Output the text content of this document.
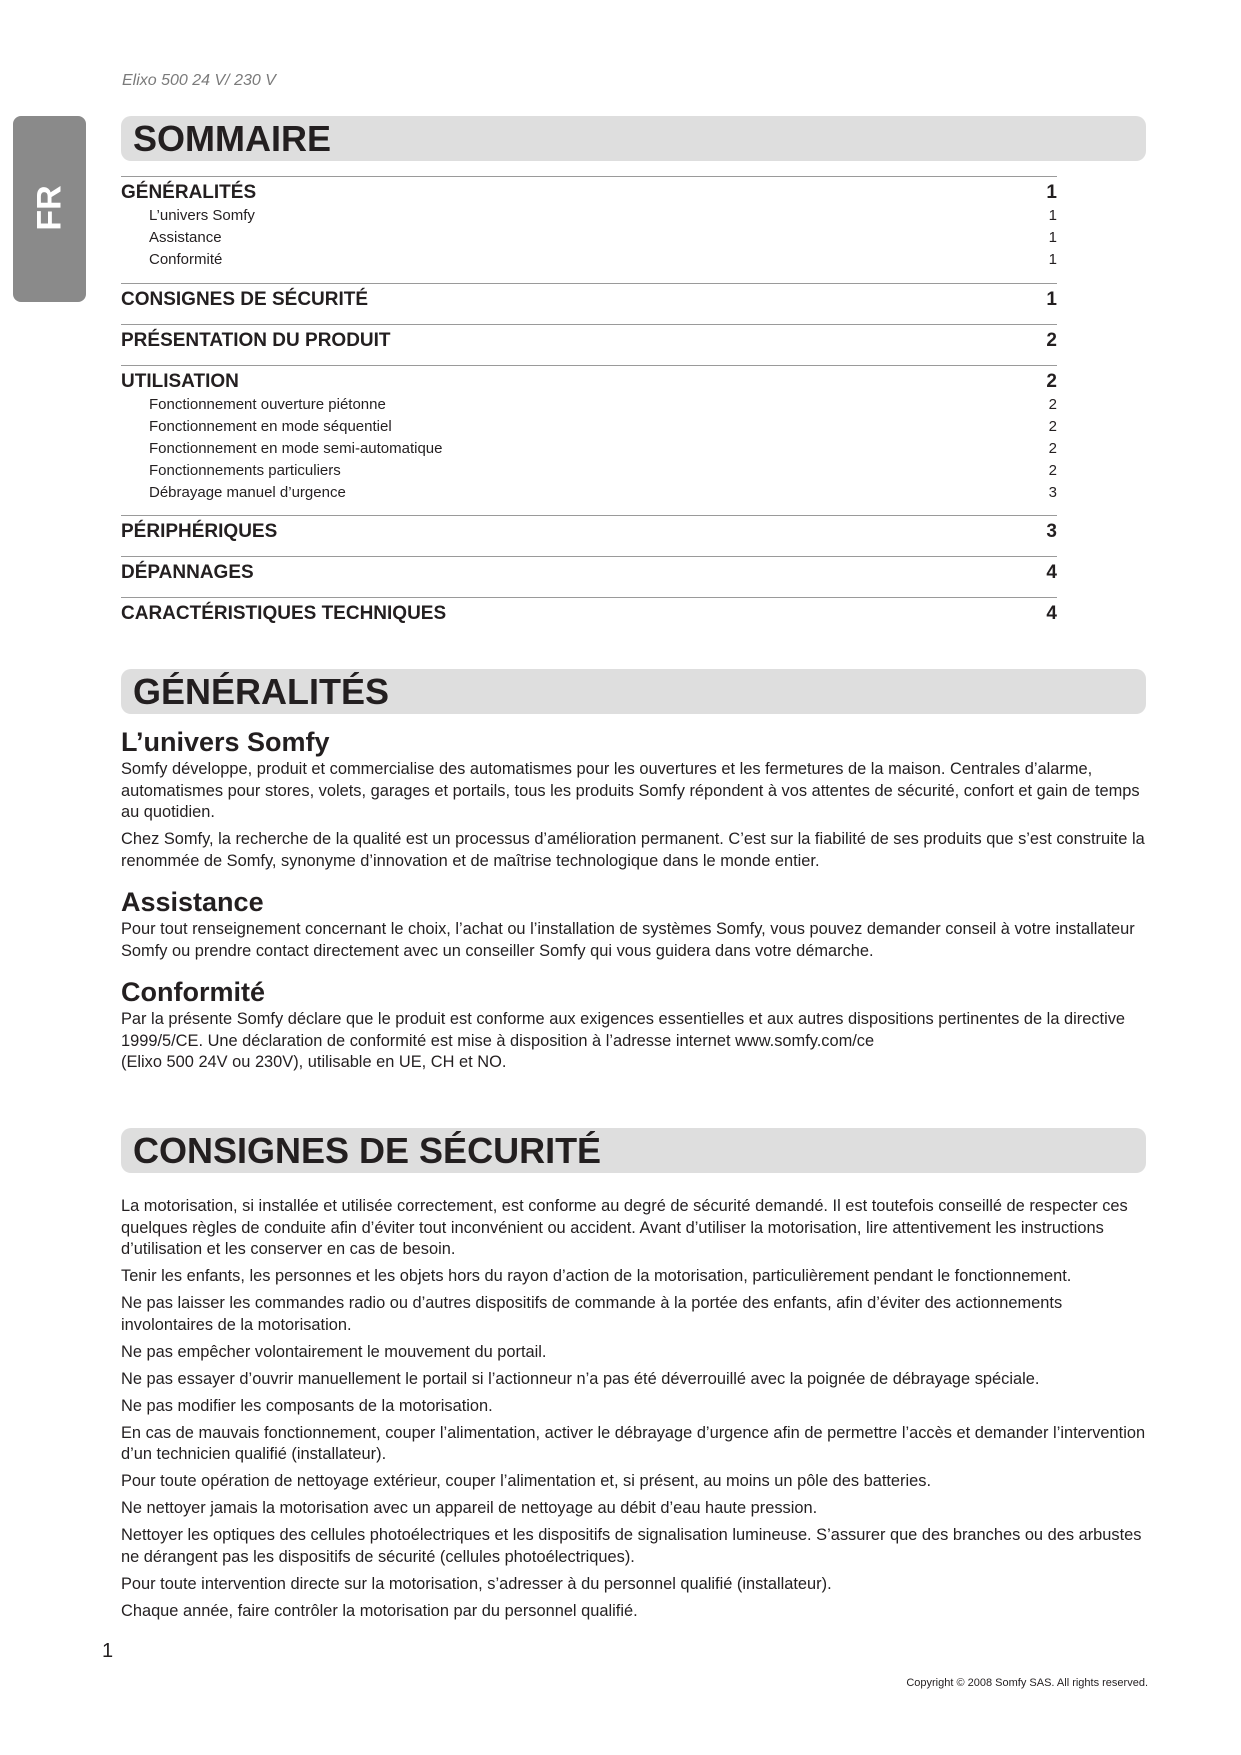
Elixo 500 24 V/ 230 V
FR
SOMMAIRE
GÉNÉRALITÉS	1
L’univers Somfy	1
Assistance	1
Conformité	1
CONSIGNES DE SÉCURITÉ	1
PRÉSENTATION DU PRODUIT	2
UTILISATION	2
Fonctionnement ouverture piétonne	2
Fonctionnement en mode séquentiel	2
Fonctionnement en mode semi-automatique	2
Fonctionnements particuliers	2
Débrayage manuel d’urgence	3
PÉRIPHÉRIQUES	3
DÉPANNAGES	4
CARACTÉRISTIQUES TECHNIQUES	4
GÉNÉRALITÉS
L’univers Somfy

Somfy développe, produit et commercialise des automatismes pour les ouvertures et les fermetures de la maison. Centrales d’alarme, automatismes pour stores, volets, garages et portails, tous les produits Somfy répondent à vos attentes de sécurité, confort et gain de temps au quotidien.

Chez Somfy, la recherche de la qualité est un processus d’amélioration permanent. C’est sur la fiabilité de ses produits que s’est construite la renommée de Somfy, synonyme d’innovation et de maîtrise technologique dans le monde entier.

Assistance

Pour tout renseignement concernant le choix, l’achat ou l’installation de systèmes Somfy, vous pouvez demander conseil à votre installateur Somfy ou prendre contact directement avec un conseiller Somfy qui vous guidera dans votre démarche.

Conformité

Par la présente Somfy déclare que le produit est conforme aux exigences essentielles et aux autres dispositions pertinentes de la directive 1999/5/CE. Une déclaration de conformité est mise à disposition à l’adresse internet www.somfy.com/ce

(Elixo 500 24V ou 230V), utilisable en UE, CH et NO.

CONSIGNES DE SÉCURITÉ

La motorisation, si installée et utilisée correctement, est conforme au degré de sécurité demandé. Il est toutefois conseillé de respecter ces quelques règles de conduite afin d’éviter tout inconvénient ou accident. Avant d’utiliser la motorisation, lire attentivement les instructions d’utilisation et les conserver en cas de besoin.

Tenir les enfants, les personnes et les objets hors du rayon d’action de la motorisation, particulièrement pendant le fonctionnement.

Ne pas laisser les commandes radio ou d’autres dispositifs de commande à la portée des enfants, afin d’éviter des actionnements involontaires de la motorisation.

Ne pas empêcher volontairement le mouvement du portail.

Ne pas essayer d’ouvrir manuellement le portail si l’actionneur n’a pas été déverrouillé avec la poignée de débrayage spéciale.

Ne pas modifier les composants de la motorisation.

En cas de mauvais fonctionnement, couper l’alimentation, activer le débrayage d’urgence afin de permettre l’accès et demander l’intervention d’un technicien qualifié (installateur).

Pour toute opération de nettoyage extérieur, couper l’alimentation et, si présent, au moins un pôle des batteries.

Ne nettoyer jamais la motorisation avec un appareil de nettoyage au débit d’eau haute pression.

Nettoyer les optiques des cellules photoélectriques et les dispositifs de signalisation lumineuse. S’assurer que des branches ou des arbustes ne dérangent pas les dispositifs de sécurité (cellules photoélectriques).

Pour toute intervention directe sur la motorisation, s’adresser à du personnel qualifié (installateur).

Chaque année, faire contrôler la motorisation par du personnel qualifié.

1
Copyright © 2008 Somfy SAS. All rights reserved.
